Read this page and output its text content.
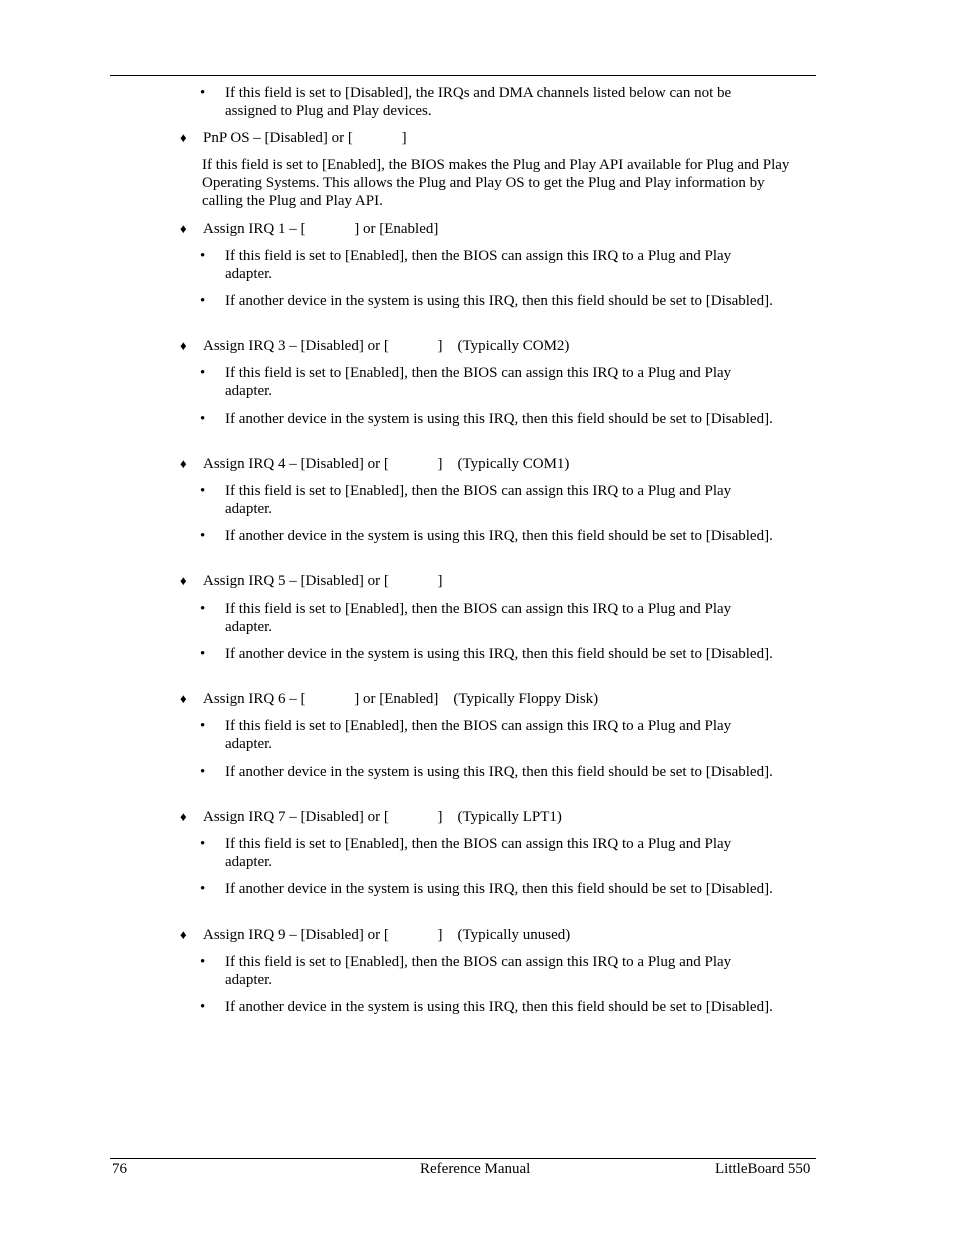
• If this field is set to [Disabled], the IRQs and DMA channels listed below can not be assigned to Plug and Play devices.
♦ PnP OS – [Disabled] or [             ]
If this field is set to [Enabled], the BIOS makes the Plug and Play API available for Plug and Play Operating Systems. This allows the Plug and Play OS to get the Plug and Play information by calling the Plug and Play API.
♦ Assign IRQ 1 – [             ] or [Enabled]
• If this field is set to [Enabled], then the BIOS can assign this IRQ to a Plug and Play adapter.
• If another device in the system is using this IRQ, then this field should be set to [Disabled].
♦ Assign IRQ 3 – [Disabled] or [             ]    (Typically COM2)
• If this field is set to [Enabled], then the BIOS can assign this IRQ to a Plug and Play adapter.
• If another device in the system is using this IRQ, then this field should be set to [Disabled].
♦ Assign IRQ 4 – [Disabled] or [             ]    (Typically COM1)
• If this field is set to [Enabled], then the BIOS can assign this IRQ to a Plug and Play adapter.
• If another device in the system is using this IRQ, then this field should be set to [Disabled].
♦ Assign IRQ 5 – [Disabled] or [             ]
• If this field is set to [Enabled], then the BIOS can assign this IRQ to a Plug and Play adapter.
• If another device in the system is using this IRQ, then this field should be set to [Disabled].
♦ Assign IRQ 6 – [             ] or [Enabled]    (Typically Floppy Disk)
• If this field is set to [Enabled], then the BIOS can assign this IRQ to a Plug and Play adapter.
• If another device in the system is using this IRQ, then this field should be set to [Disabled].
♦ Assign IRQ 7 – [Disabled] or [             ]    (Typically LPT1)
• If this field is set to [Enabled], then the BIOS can assign this IRQ to a Plug and Play adapter.
• If another device in the system is using this IRQ, then this field should be set to [Disabled].
♦ Assign IRQ 9 – [Disabled] or [             ]    (Typically unused)
• If this field is set to [Enabled], then the BIOS can assign this IRQ to a Plug and Play adapter.
• If another device in the system is using this IRQ, then this field should be set to [Disabled].
76	Reference Manual	LittleBoard 550
